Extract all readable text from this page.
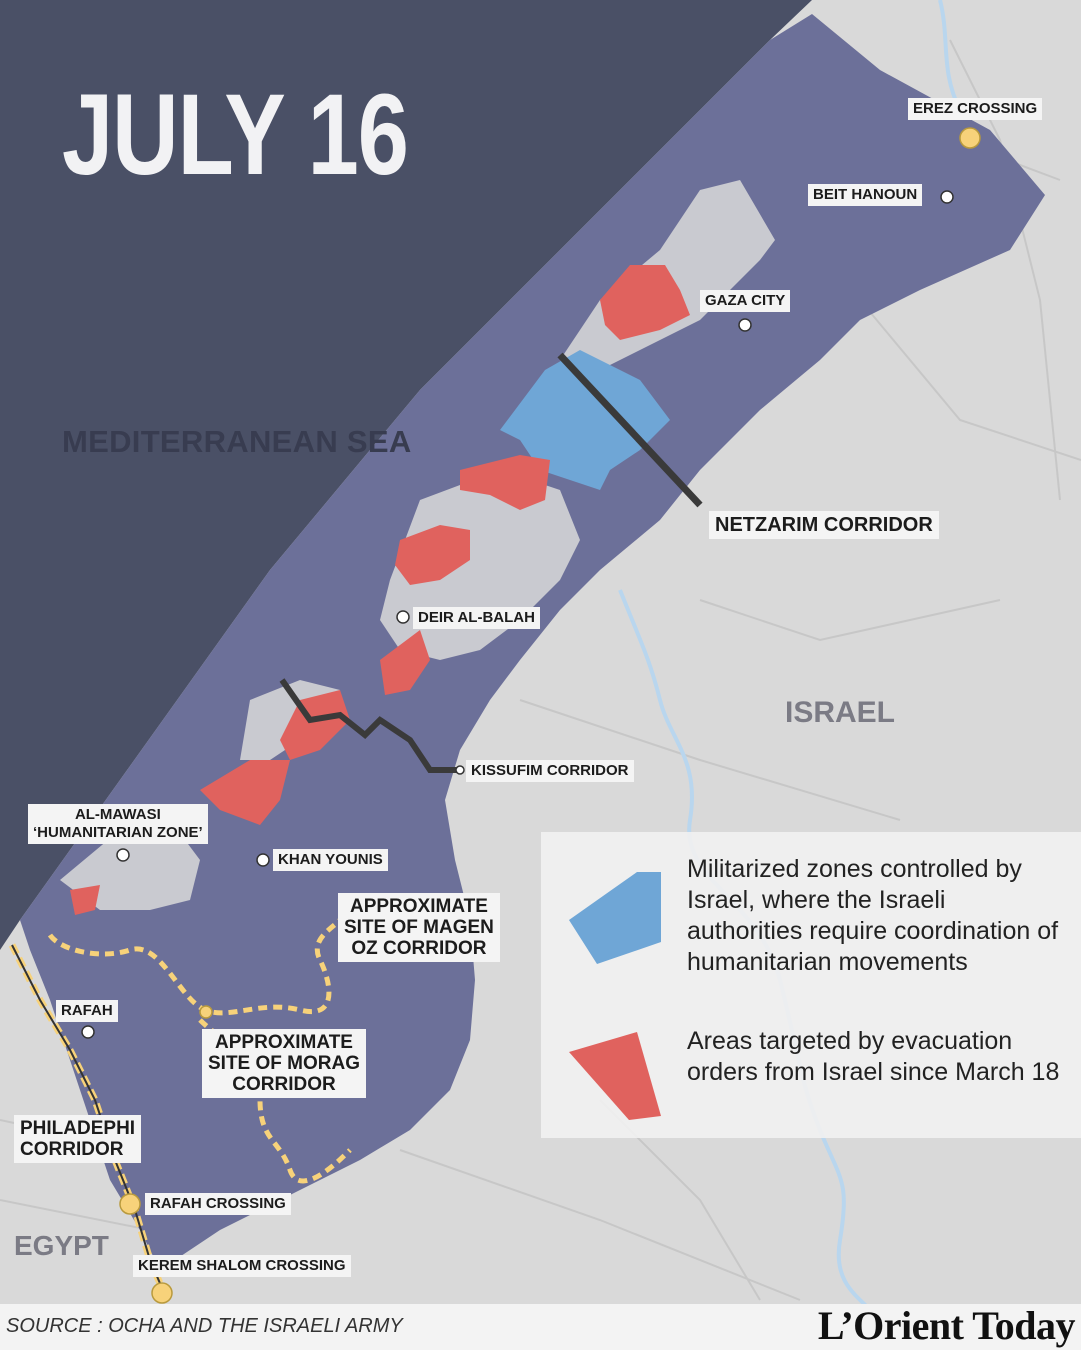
JULY 16
MEDITERRANEAN SEA
ISRAEL
EGYPT
EREZ CROSSING
BEIT HANOUN
GAZA CITY
NETZARIM CORRIDOR
DEIR AL-BALAH
KISSUFIM CORRIDOR
AL-MAWASI
‘HUMANITARIAN ZONE’
KHAN YOUNIS
APPROXIMATE
SITE OF MAGEN
OZ CORRIDOR
RAFAH
APPROXIMATE
SITE OF MORAG
CORRIDOR
PHILADEPHI
CORRIDOR
RAFAH CROSSING
KEREM SHALOM CROSSING
Militarized zones controlled by Israel, where the Israeli authorities require coordination of humanitarian movements
Areas targeted by evacuation orders from Israel since March 18
SOURCE : OCHA AND THE ISRAELI ARMY	L’Orient Today
